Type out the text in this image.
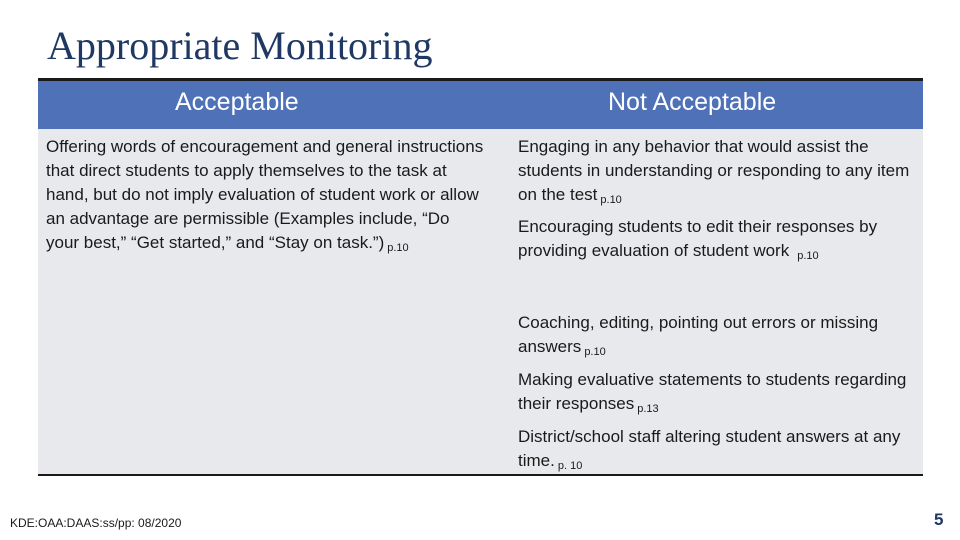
Appropriate Monitoring
Acceptable	Not Acceptable
Offering words of encouragement and general instructions that direct students to apply themselves to the task at hand, but do not imply evaluation of student work or allow an advantage are permissible (Examples include, “Do your best,” “Get started,” and “Stay on task.”) p.10
Engaging in any behavior that would assist the students in understanding or responding to any item on the test p.10
Encouraging students to edit their responses by providing evaluation of student work p.10
Coaching, editing, pointing out errors or missing answers p.10
Making evaluative statements to students regarding their responses p.13
District/school staff altering student answers at any time. p. 10
KDE:OAA:DAAS:ss/pp: 08/2020	5
